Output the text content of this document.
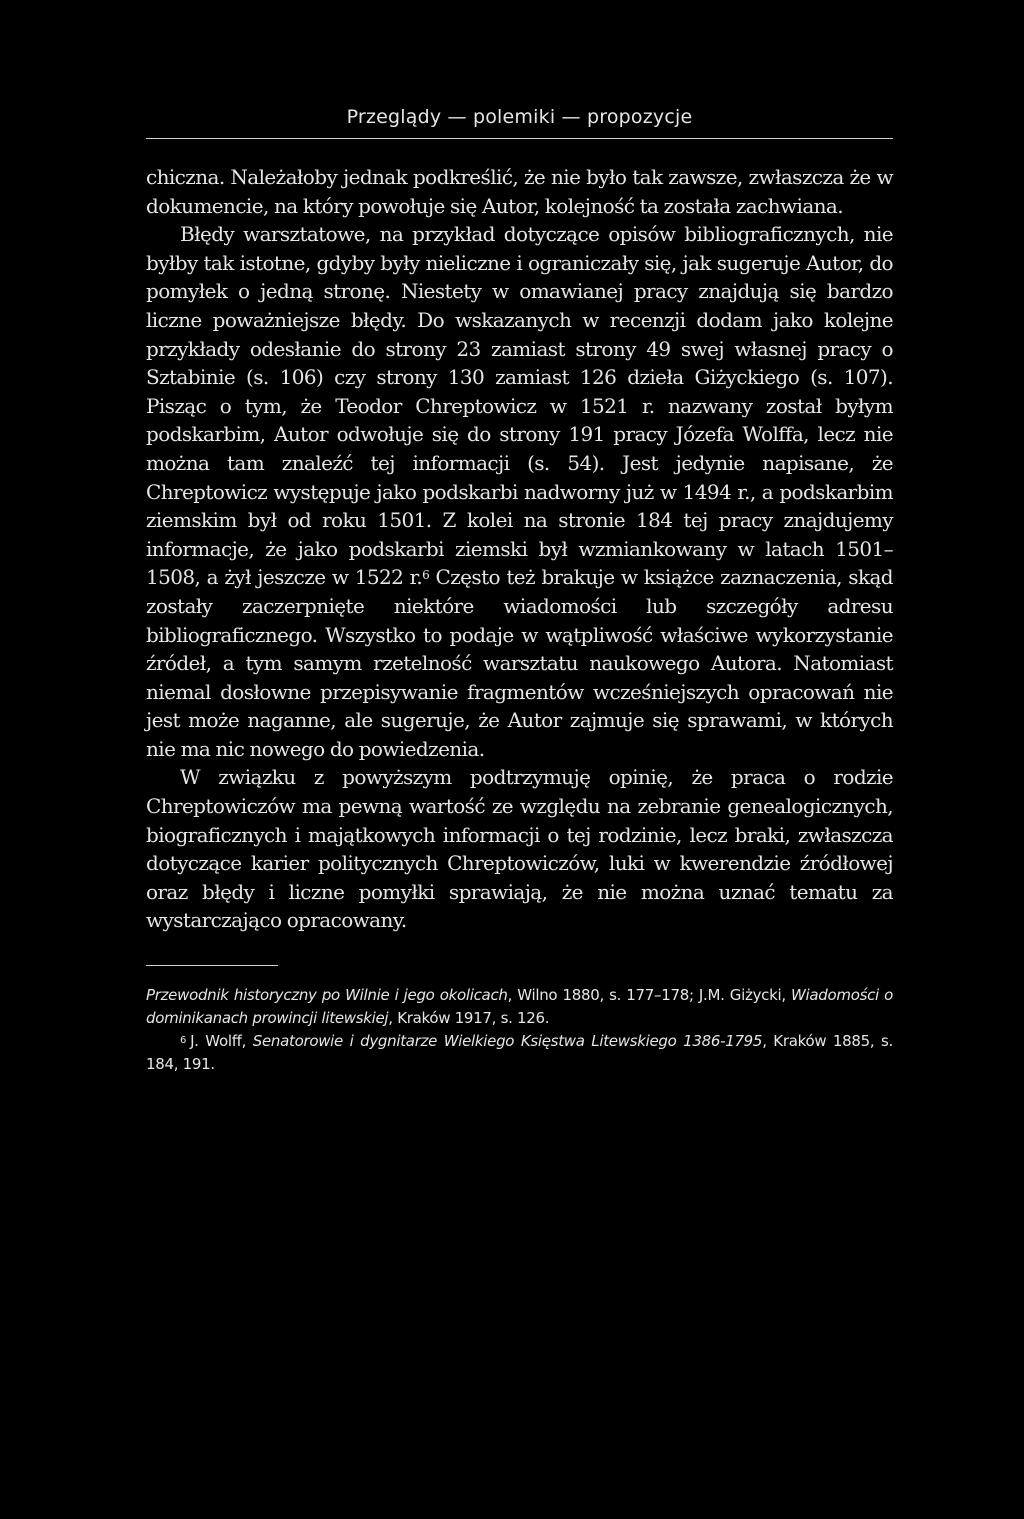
Przeglądy — polemiki — propozycje

chiczna. Należałoby jednak podkreślić, że nie było tak zawsze, zwłaszcza że w dokumencie, na który powołuje się Autor, kolejność ta została zachwiana.

Błędy warsztatowe, na przykład dotyczące opisów bibliograficznych, nie byłby tak istotne, gdyby były nieliczne i ograniczały się, jak sugeruje Autor, do pomyłek o jedną stronę. Niestety w omawianej pracy znajdują się bardzo liczne poważniejsze błędy. Do wskazanych w recenzji dodam jako kolejne przykłady odesłanie do strony 23 zamiast strony 49 swej własnej pracy o Sztabinie (s. 106) czy strony 130 zamiast 126 dzieła Giżyckiego (s. 107). Pisząc o tym, że Teodor Chreptowicz w 1521 r. nazwany został byłym podskarbim, Autor odwołuje się do strony 191 pracy Józefa Wolffa, lecz nie można tam znaleźć tej informacji (s. 54). Jest jedynie napisane, że Chreptowicz występuje jako podskarbi nadworny już w 1494 r., a podskarbim ziemskim był od roku 1501. Z kolei na stronie 184 tej pracy znajdujemy informacje, że jako podskarbi ziemski był wzmiankowany w latach 1501–1508, a żył jeszcze w 1522 r.$^6$ Często też brakuje w książce zaznaczenia, skąd zostały zaczerpnięte niektóre wiadomości lub szczegóły adresu bibliograficznego. Wszystko to podaje w wątpliwość właściwe wykorzystanie źródeł, a tym samym rzetelność warsztatu naukowego Autora. Natomiast niemal dosłowne przepisywanie fragmentów wcześniejszych opracowań nie jest może naganne, ale sugeruje, że Autor zajmuje się sprawami, w których nie ma nic nowego do powiedzenia.

W związku z powyższym podtrzymuję opinię, że praca o rodzie Chreptowiczów ma pewną wartość ze względu na zebranie genealogicznych, biograficznych i majątkowych informacji o tej rodzinie, lecz braki, zwłaszcza dotyczące karier politycznych Chreptowiczów, luki w kwerendzie źródłowej oraz błędy i liczne pomyłki sprawiają, że nie można uznać tematu za wystarczająco opracowany.

Przewodnik historyczny po Wilnie i jego okolicach, Wilno 1880, s. 177–178; J.M. Giżycki, Wiadomości o dominikanach prowincji litewskiej, Kraków 1917, s. 126.

$^6$ J. Wolff, Senatorowie i dygnitarze Wielkiego Księstwa Litewskiego 1386-1795, Kraków 1885, s. 184, 191.
